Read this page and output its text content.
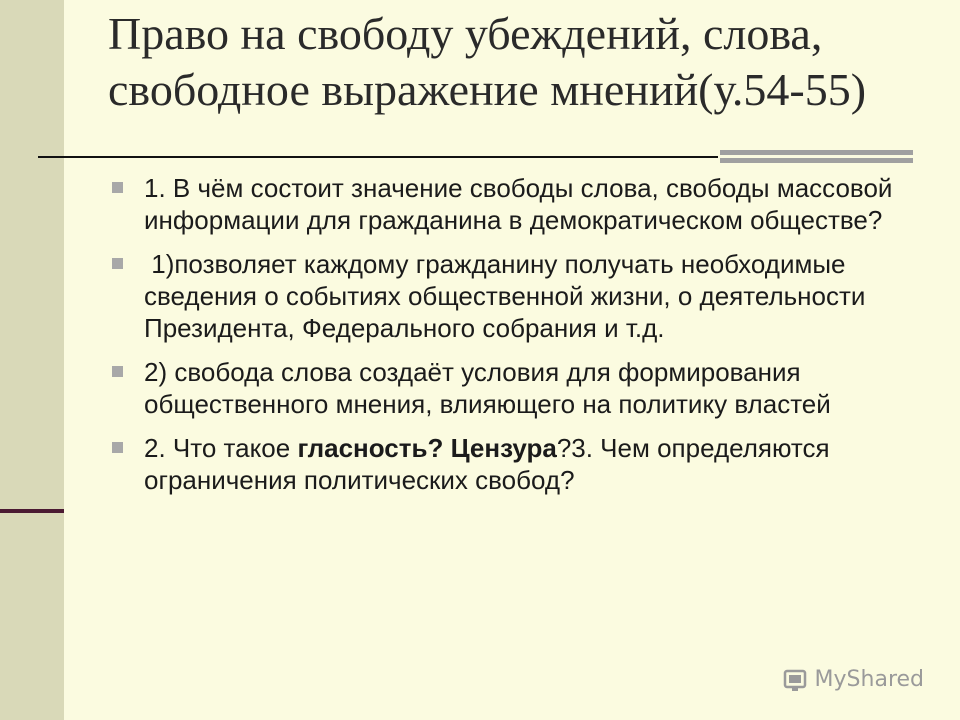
Право на свободу убеждений, слова, свободное выражение мнений(у.54-55)
1. В чём состоит значение свободы слова, свободы массовой информации для гражданина в демократическом обществе?
1)позволяет каждому гражданину получать необходимые сведения о событиях общественной жизни, о деятельности Президента, Федерального собрания и т.д.
2) свобода слова создаёт условия для формирования общественного мнения, влияющего на политику властей
2. Что такое гласность? Цензура?3. Чем определяются ограничения политических свобод?
MyShared
